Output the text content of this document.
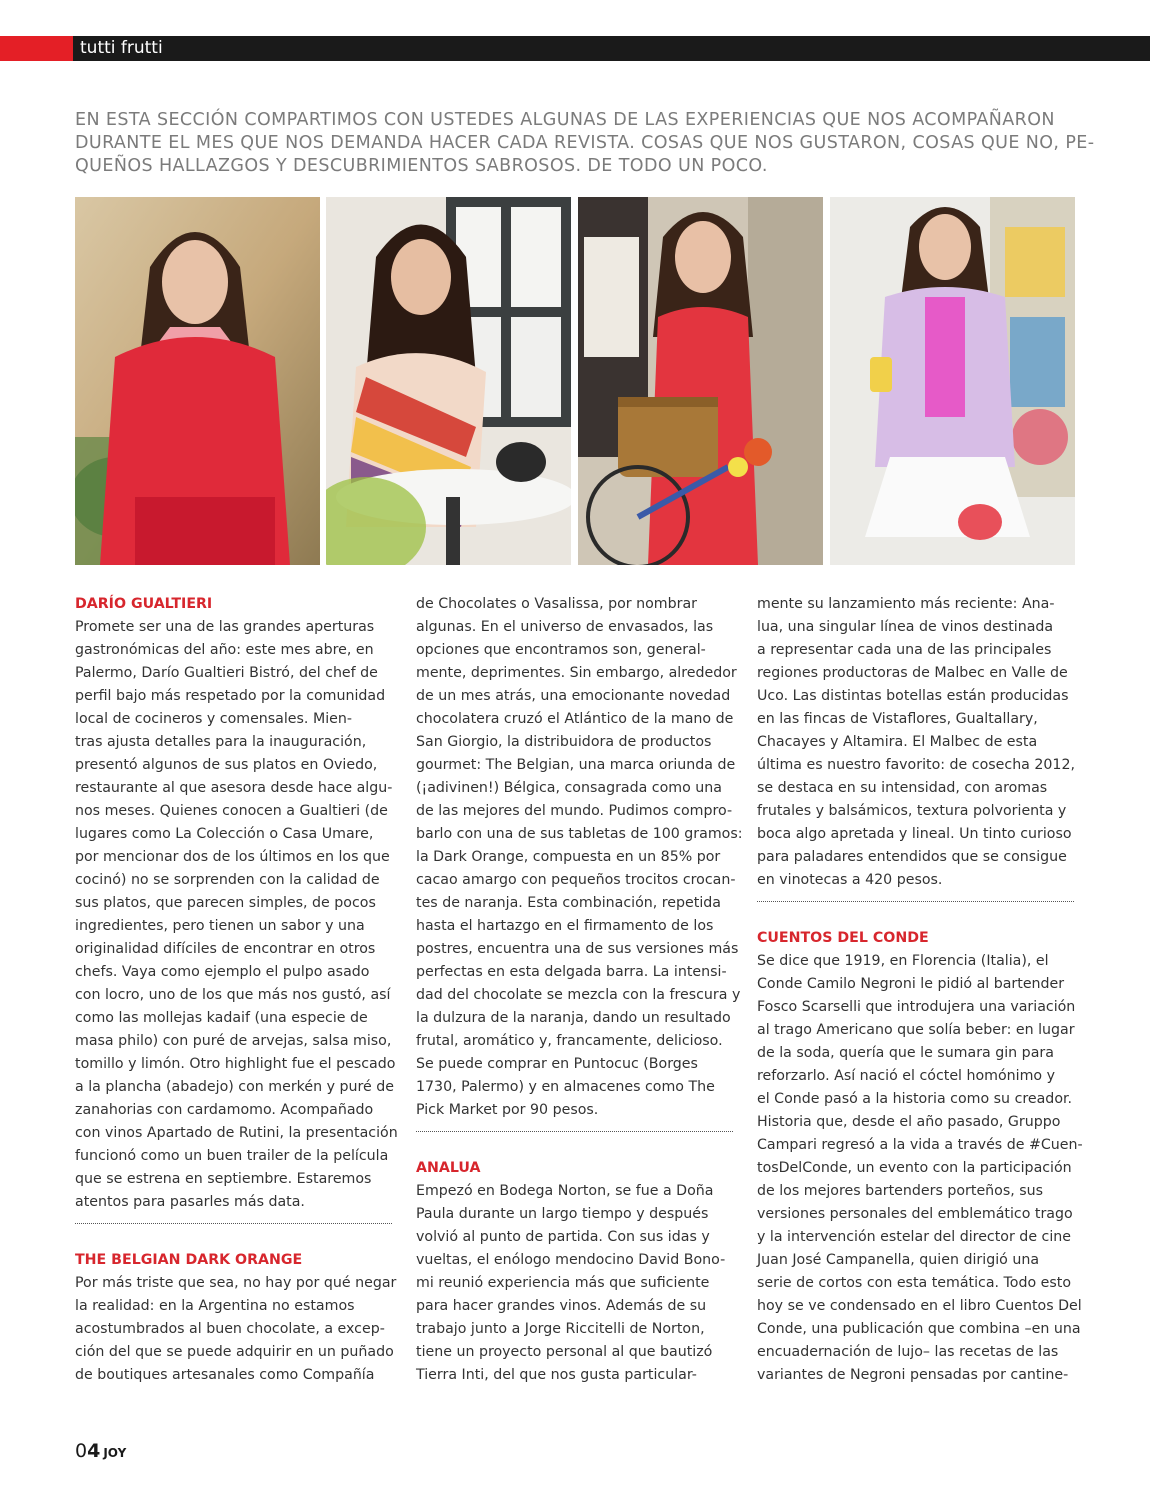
tutti frutti
EN ESTA SECCIÓN COMPARTIMOS CON USTEDES ALGUNAS DE LAS EXPERIENCIAS QUE NOS ACOMPAÑARON
DURANTE EL MES QUE NOS DEMANDA HACER CADA REVISTA. COSAS QUE NOS GUSTARON, COSAS QUE NO, PE-
QUEÑOS HALLAZGOS Y DESCUBRIMIENTOS SABROSOS. DE TODO UN POCO.
DARÍO GUALTIERI
Promete ser una de las grandes aperturas
gastronómicas del año: este mes abre, en
Palermo, Darío Gualtieri Bistró, del chef de
perfil bajo más respetado por la comunidad
local de cocineros y comensales. Mien-
tras ajusta detalles para la inauguración,
presentó algunos de sus platos en Oviedo,
restaurante al que asesora desde hace algu-
nos meses. Quienes conocen a Gualtieri (de
lugares como La Colección o Casa Umare,
por mencionar dos de los últimos en los que
cocinó) no se sorprenden con la calidad de
sus platos, que parecen simples, de pocos
ingredientes, pero tienen un sabor y una
originalidad difíciles de encontrar en otros
chefs. Vaya como ejemplo el pulpo asado
con locro, uno de los que más nos gustó, así
como las mollejas kadaif (una especie de
masa philo) con puré de arvejas, salsa miso,
tomillo y limón. Otro highlight fue el pescado
a la plancha (abadejo) con merkén y puré de
zanahorias con cardamomo. Acompañado
con vinos Apartado de Rutini, la presentación
funcionó como un buen trailer de la película
que se estrena en septiembre. Estaremos
atentos para pasarles más data.
THE BELGIAN DARK ORANGE
Por más triste que sea, no hay por qué negar
la realidad: en la Argentina no estamos
acostumbrados al buen chocolate, a excep-
ción del que se puede adquirir en un puñado
de boutiques artesanales como Compañía
de Chocolates o Vasalissa, por nombrar
algunas. En el universo de envasados, las
opciones que encontramos son, general-
mente, deprimentes. Sin embargo, alrededor
de un mes atrás, una emocionante novedad
chocolatera cruzó el Atlántico de la mano de
San Giorgio, la distribuidora de productos
gourmet: The Belgian, una marca oriunda de
(¡adivinen!) Bélgica, consagrada como una
de las mejores del mundo. Pudimos compro-
barlo con una de sus tabletas de 100 gramos:
la Dark Orange, compuesta en un 85% por
cacao amargo con pequeños trocitos crocan-
tes de naranja. Esta combinación, repetida
hasta el hartazgo en el firmamento de los
postres, encuentra una de sus versiones más
perfectas en esta delgada barra. La intensi-
dad del chocolate se mezcla con la frescura y
la dulzura de la naranja, dando un resultado
frutal, aromático y, francamente, delicioso.
Se puede comprar en Puntocuc (Borges
1730, Palermo) y en almacenes como The
Pick Market por 90 pesos.
ANALUA
Empezó en Bodega Norton, se fue a Doña
Paula durante un largo tiempo y después
volvió al punto de partida. Con sus idas y
vueltas, el enólogo mendocino David Bono-
mi reunió experiencia más que suficiente
para hacer grandes vinos. Además de su
trabajo junto a Jorge Riccitelli de Norton,
tiene un proyecto personal al que bautizó
Tierra Inti, del que nos gusta particular-
mente su lanzamiento más reciente: Ana-
lua, una singular línea de vinos destinada
a representar cada una de las principales
regiones productoras de Malbec en Valle de
Uco. Las distintas botellas están producidas
en las fincas de Vistaflores, Gualtallary,
Chacayes y Altamira. El Malbec de esta
última es nuestro favorito: de cosecha 2012,
se destaca en su intensidad, con aromas
frutales y balsámicos, textura polvorienta y
boca algo apretada y lineal. Un tinto curioso
para paladares entendidos que se consigue
en vinotecas a 420 pesos.
CUENTOS DEL CONDE
Se dice que 1919, en Florencia (Italia), el
Conde Camilo Negroni le pidió al bartender
Fosco Scarselli que introdujera una variación
al trago Americano que solía beber: en lugar
de la soda, quería que le sumara gin para
reforzarlo. Así nació el cóctel homónimo y
el Conde pasó a la historia como su creador.
Historia que, desde el año pasado, Gruppo
Campari regresó a la vida a través de #Cuen-
tosDelConde, un evento con la participación
de los mejores bartenders porteños, sus
versiones personales del emblemático trago
y la intervención estelar del director de cine
Juan José Campanella, quien dirigió una
serie de cortos con esta temática. Todo esto
hoy se ve condensado en el libro Cuentos Del
Conde, una publicación que combina –en una
encuadernación de lujo– las recetas de las
variantes de Negroni pensadas por cantine-
04 JOY
